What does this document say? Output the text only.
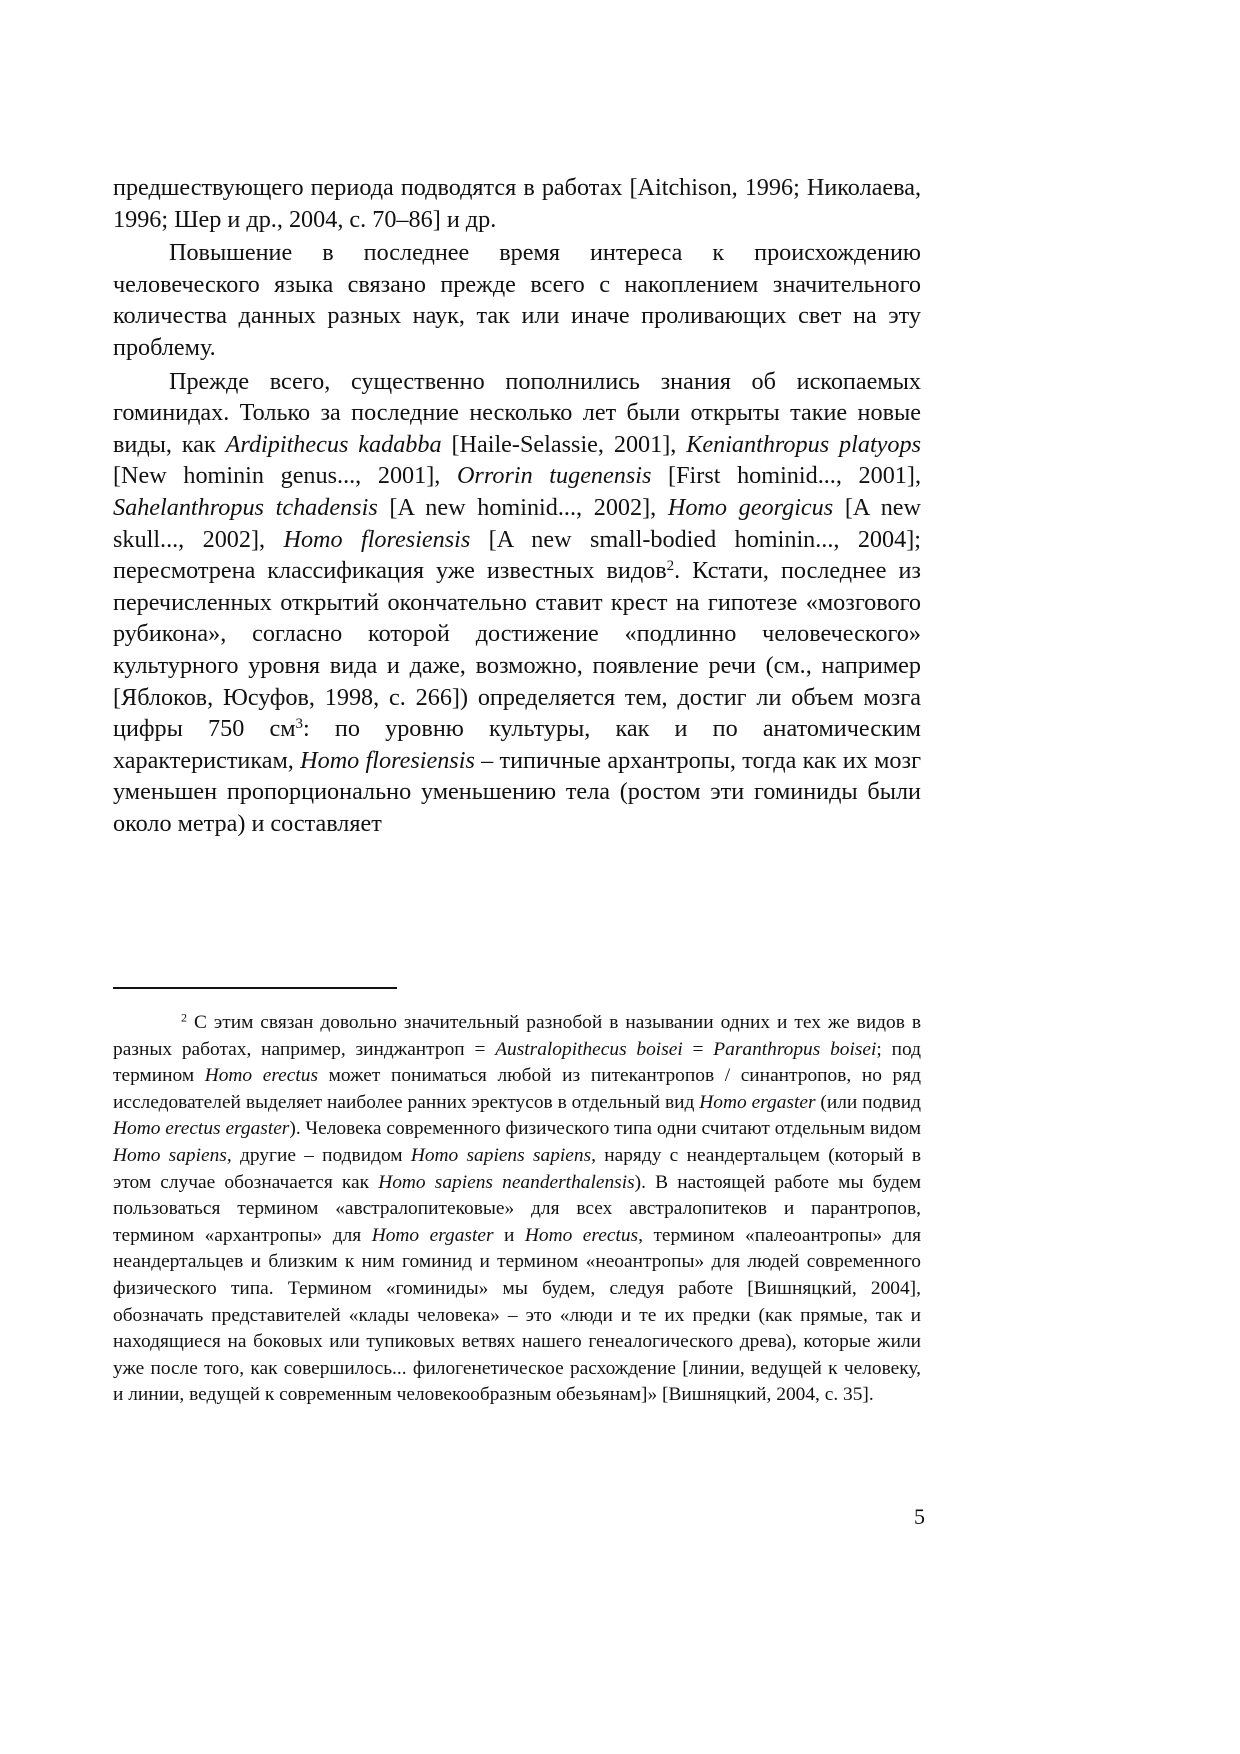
предшествующего периода подводятся в работах [Aitchison, 1996; Николаева, 1996; Шер и др., 2004, с. 70–86] и др.

Повышение в последнее время интереса к происхождению человеческого языка связано прежде всего с накоплением значительного количества данных разных наук, так или иначе проливающих свет на эту проблему.

Прежде всего, существенно пополнились знания об ископаемых гоминидах. Только за последние несколько лет были открыты такие новые виды, как Ardipithecus kadabba [Haile-Selassie, 2001], Kenianthropus platyops [New hominin genus..., 2001], Orrorin tugenensis [First hominid..., 2001], Sahelanthropus tchadensis [A new hominid..., 2002], Homo georgicus [A new skull..., 2002], Homo floresiensis [A new small-bodied hominin..., 2004]; пересмотрена классификация уже известных видов$^2$. Кстати, последнее из перечисленных открытий окончательно ставит крест на гипотезе «мозгового рубикона», согласно которой достижение «подлинно человеческого» культурного уровня вида и даже, возможно, появление речи (см., например [Яблоков, Юсуфов, 1998, с. 266]) определяется тем, достиг ли объем мозга цифры 750 $см^3$: по уровню культуры, как и по анатомическим характеристикам, Homo floresiensis – типичные архантропы, тогда как их мозг уменьшен пропорционально уменьшению тела (ростом эти гоминиды были около метра) и составляет

$^2$ С этим связан довольно значительный разнобой в назывании одних и тех же видов в разных работах, например, зинджантроп = Australopithecus boisei = Paranthropus boisei; под термином Homo erectus может пониматься любой из питекантропов / синантропов, но ряд исследователей выделяет наиболее ранних эректусов в отдельный вид Homo ergaster (или подвид Homo erectus ergaster). Человека современного физического типа одни считают отдельным видом Homo sapiens, другие – подвидом Homo sapiens sapiens, наряду с неандертальцем (который в этом случае обозначается как Homo sapiens neanderthalensis). В настоящей работе мы будем пользоваться термином «австралопитековые» для всех австралопитеков и парантропов, термином «архантропы» для Homo ergaster и Homo erectus, термином «палеоантропы» для неандертальцев и близким к ним гоминид и термином «неоантропы» для людей современного физического типа. Термином «гоминиды» мы будем, следуя работе [Вишняцкий, 2004], обозначать представителей «клады человека» – это «люди и те их предки (как прямые, так и находящиеся на боковых или тупиковых ветвях нашего генеалогического древа), которые жили уже после того, как совершилось... филогенетическое расхождение [линии, ведущей к человеку, и линии, ведущей к современным человекообразным обезьянам]» [Вишняцкий, 2004, с. 35].

5
